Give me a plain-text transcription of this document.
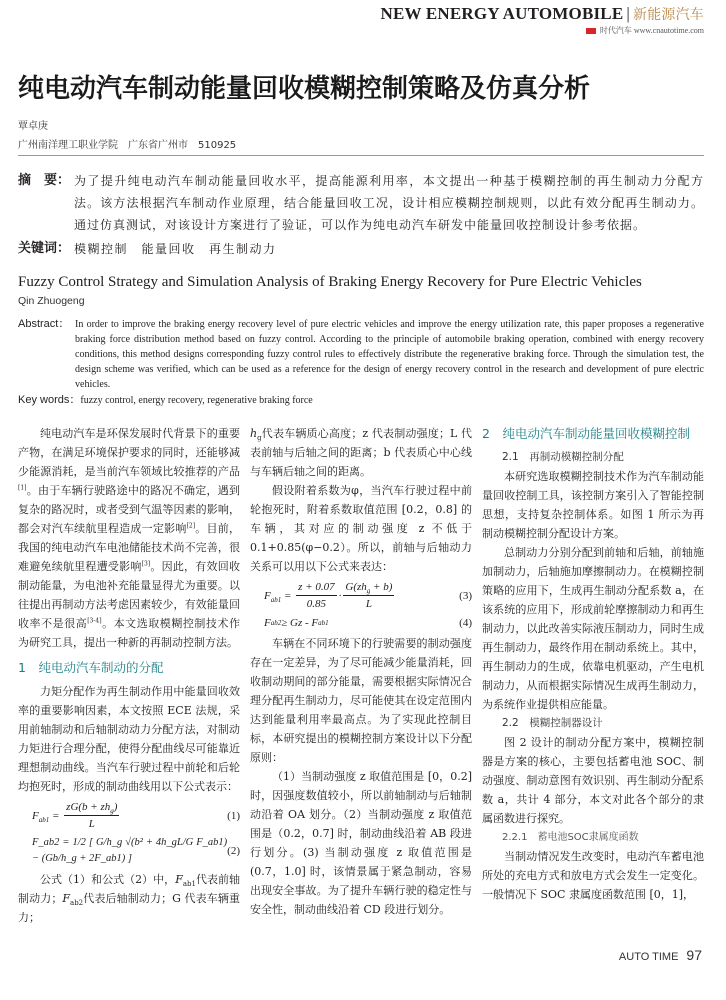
NEW ENERGY AUTOMOBILE | 新能源汽车
时代汽车 www.cnautotime.com
纯电动汽车制动能量回收模糊控制策略及仿真分析
覃卓庚
广州南洋理工职业学院　广东省广州市　510925
摘　要： 为了提升纯电动汽车制动能量回收水平，提高能源利用率，本文提出一种基于模糊控制的再生制动力分配方法。该方法根据汽车制动作业原理，结合能量回收工况，设计相应模糊控制规则，以此有效分配再生制动力。通过仿真测试，对该设计方案进行了验证，可以作为纯电动汽车研发中能量回收控制设计参考依据。
关键词： 模糊控制　能量回收　再生制动力
Fuzzy Control Strategy and Simulation Analysis of Braking Energy Recovery for Pure Electric Vehicles
Qin Zhuogeng
Abstract： In order to improve the braking energy recovery level of pure electric vehicles and improve the energy utilization rate, this paper proposes a regenerative braking force distribution method based on fuzzy control. According to the principle of automobile braking operation, combined with energy recovery conditions, this method designs corresponding fuzzy control rules to effectively distribute the regenerative braking force. Through the simulation test, the design scheme was verified, which can be used as a reference for the design of energy recovery control in the research and development of pure electric vehicles.
Key words： fuzzy control, energy recovery, regenerative braking force

纯电动汽车是环保发展时代背景下的重要产物，在满足环境保护要求的同时，还能够减少能源消耗，是当前汽车领域比较推荐的产品[1]。由于车辆行驶路途中的路况不确定，遇到复杂的路况时，或者受到气温等因素的影响，都会对汽车续航里程造成一定影响[2]。目前，我国的纯电动汽车电池储能技术尚不完善，很难避免续航里程遭受影响[3]。因此，有效回收制动能量，为电池补充能量显得尤为重要。以往提出再制动方法考虑因素较少，有效能量回收率不是很高[3-4]。本文选取模糊控制技术作为研究工具，提出一种新的再制动控制方法。

1　纯电动汽车制动的分配

力矩分配作为再生制动作用中能量回收效率的重要影响因素，本文按照 ECE 法规，采用前轴制动和后轴制动动力分配方法，对制动力矩进行合理分配，使得分配曲线尽可能靠近理想制动曲线。当汽车行驶过程中前轮和后轮均抱死时，形成的制动曲线用以下公式表示：

$F_{ab1} = \frac{zG(b + zh_g)}{L}$	(1)
F_ab2 = 1/2 [ G/h_g √(b² + 4h_gL/G F_ab1) − (Gb/h_g + 2F_ab1) ]
(2)

公式（1）和公式（2）中，$F_{ab1}$代表前轴制动力；$F_{ab2}$代表后轴制动力；G 代表车辆重力；

$h_g$代表车辆质心高度；z 代表制动强度；L 代表前轴与后轴之间的距离；b 代表质心中心线与车辆后轴之间的距离。

假设附着系数为φ，当汽车行驶过程中前轮抱死时，附着系数取值范围 [0.2，0.8] 的车辆，其对应的制动强度 z 不低于 0.1+0.85(φ−0.2）。所以，前轴与后轴动力关系可以用以下公式来表达：

$F_{ab1} = \frac{z + 0.07}{0.85} \cdot \frac{G(zh_g + b)}{L}$	(3)
F ab2 ≥ Gz - F ab1	(4)

车辆在不同环境下的行驶需要的制动强度存在一定差异，为了尽可能减少能量消耗，回收制动期间的部分能量，需要根据实际情况合理分配再生制动力，尽可能使其在设定范围内达到能量利用率最高点。为了实现此控制目标，本研究提出的模糊控制方案设计以下分配原则：

（1）当制动强度 z 取值范围是 [0，0.2] 时，因强度数值较小，所以前轴制动与后轴制动沿着 OA 划分。（2）当制动强度 z 取值范围是（0.2，0.7] 时，制动曲线沿着 AB 段进行划分。(3) 当制动强度 z 取值范围是 (0.7，1.0] 时，该情景属于紧急制动，容易出现安全事故。为了提升车辆行驶的稳定性与安全性，制动曲线沿着 CD 段进行划分。

2　纯电动汽车制动能量回收模糊控制
2.1　再制动模糊控制分配

本研究选取模糊控制技术作为汽车制动能量回收控制工具，该控制方案引入了智能控制思想，支持复杂控制体系。如图 1 所示为再制动模糊控制分配设计方案。

总制动力分别分配到前轴和后轴，前轴施加制动力，后轴施加摩擦制动力。在模糊控制策略的应用下，生成再生制动分配系数 a，在该系统的应用下，形成前轮摩擦制动力和再生制动力，以此改善实际液压制动力，同时生成再生制动力，最终作用在制动系统上。其中，再生制动力的生成，依靠电机驱动，产生电机制动力，从而根据实际情况生成再生制动力，为系统作业提供相应能量。

2.2　模糊控制器设计

图 2 设计的制动分配方案中，模糊控制器是方案的核心，主要包括蓄电池 SOC、制动强度、制动意图有效识别、再生制动分配系数 a，共计 4 部分，本文对此各个部分的隶属函数进行探究。

2.2.1　蓄电池SOC隶属度函数

当制动情况发生改变时，电动汽车蓄电池所处的充电方式和放电方式会发生一定变化。一般情况下 SOC 隶属度函数范围 [0，1]，

AUTO TIME 97
